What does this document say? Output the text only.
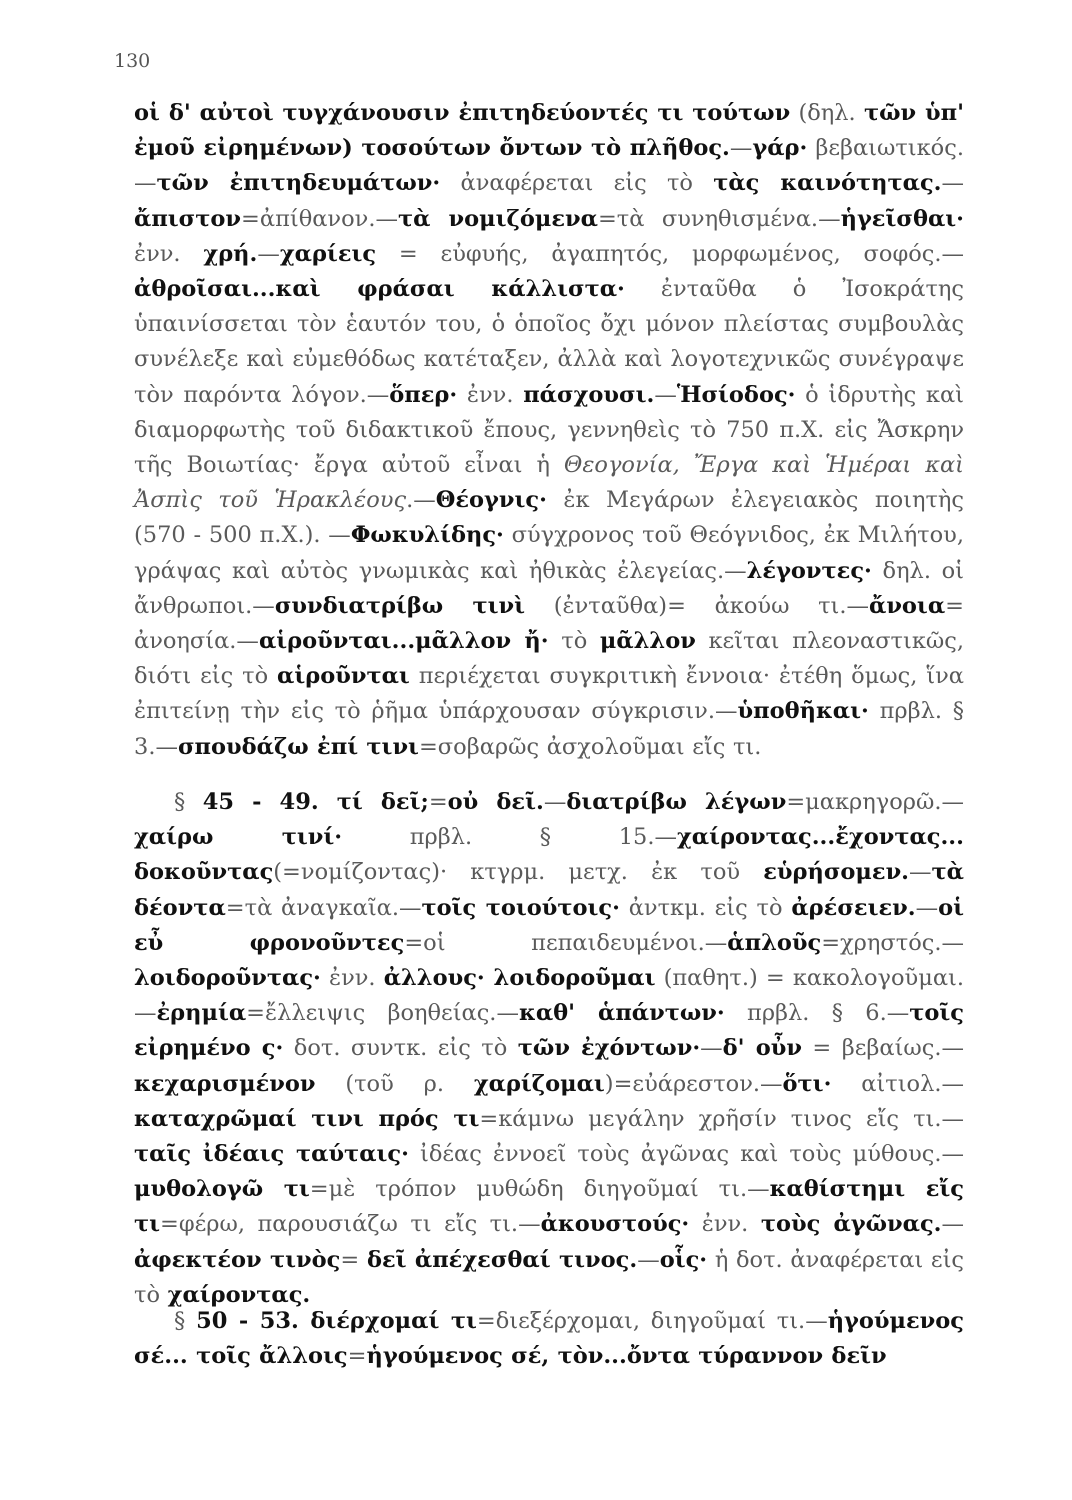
130
οἱ δ' αὐτοὶ τυγχάνουσιν ἐπιτηδεύοντές τι τούτων (δηλ. τῶν ὑπ' ἐμοῦ εἰρημένων) τοσούτων ὄντων τὸ πλῆθος.—γάρ· βεβαιωτικός.—τῶν ἐπιτηδευμάτων· ἀναφέρεται εἰς τὸ τὰς καινότητας.—ἄπιστον=ἀπίθανον.—τὰ νομιζόμενα=τὰ συνηθισμένα.—ἡγεῖσθαι· ἐνν. χρή.—χαρίεις = εὐφυής, ἀγαπητός, μορφωμένος, σοφός.—ἀθροῖσαι...καὶ φράσαι κάλλιστα· ἐνταῦθα ὁ Ἰσοκράτης ὑπαινίσσεται τὸν ἑαυτόν του, ὁ ὁποῖος ὄχι μόνον πλείστας συμβουλὰς συνέλεξε καὶ εὐμεθόδως κατέταξεν, ἀλλὰ καὶ λογοτεχνικῶς συνέγραψε τὸν παρόντα λόγον.—ὅπερ· ἐνν. πάσχουσι.—Ἡσίοδος· ὁ ἱδρυτὴς καὶ διαμορφωτὴς τοῦ διδακτικοῦ ἔπους, γεννηθεὶς τὸ 750 π.Χ. εἰς Ἄσκρην τῆς Βοιωτίας· ἔργα αὐτοῦ εἶναι ἡ Θεογονία, Ἔργα καὶ Ἡμέραι καὶ Ἀσπὶς τοῦ Ἡρακλέους.—Θέογνις· ἐκ Μεγάρων ἐλεγειακὸς ποιητὴς (570 - 500 π.Χ.). —Φωκυλίδης· σύγχρονος τοῦ Θεόγνιδος, ἐκ Μιλήτου, γράψας καὶ αὐτὸς γνωμικὰς καὶ ἠθικὰς ἐλεγείας.—λέγοντες· δηλ. οἱ ἄνθρωποι.—συνδιατρίβω τινὶ (ἐνταῦθα)= ἀκούω τι.—ἄνοια= ἀνοησία.—αἱροῦνται...μᾶλλον ἤ· τὸ μᾶλλον κεῖται πλεοναστικῶς, διότι εἰς τὸ αἱροῦνται περιέχεται συγκριτικὴ ἔννοια· ἐτέθη ὅμως, ἵνα ἐπιτείνῃ τὴν εἰς τὸ ῥῆμα ὑπάρχουσαν σύγκρισιν.—ὑποθῆκαι· πρβλ. § 3.—σπουδάζω ἐπί τινι=σοβαρῶς ἀσχολοῦμαι εἴς τι.
§ 45 - 49. τί δεῖ;=οὐ δεῖ.—διατρίβω λέγων=μακρηγορῶ.—χαίρω τινί· πρβλ. § 15.—χαίροντας...ἔχοντας... δοκοῦντας(=νομίζοντας)· κτγρμ. μετχ. ἐκ τοῦ εὑρήσομεν.—τὰ δέοντα=τὰ ἀναγκαῖα.—τοῖς τοιούτοις· ἀντκμ. εἰς τὸ ἀρέσειεν.—οἱ εὖ φρονοῦντες=οἱ πεπαιδευμένοι.—ἁπλοῦς=χρηστός.—λοιδοροῦντας· ἐνν. ἀλλους· λοιδοροῦμαι (παθητ.) = κακολογοῦμαι.—ἐρημία=ἔλλειψις βοηθείας.—καθ' ἁπάντων· πρβλ. § 6.—τοῖς εἰρημένο ς· δοτ. συντκ. εἰς τὸ τῶν ἐχόντων·—δ' οὖν = βεβαίως.—κεχαρισμένον (τοῦ ρ. χαρίζομαι)=εὐάρεστον.—ὅτι· αἰτιολ.—καταχρῶμαί τινι πρός τι=κάμνω μεγάλην χρῆσίν τινος εἴς τι.—ταῖς ἰδέαις ταύταις· ἰδέας ἐννοεῖ τοὺς ἀγῶνας καὶ τοὺς μύθους.—μυθολογῶ τι=μὲ τρόπον μυθώδη διηγοῦμαί τι.—καθίστημι εἴς τι=φέρω, παρουσιάζω τι εἴς τι.—ἀκουστούς· ἐνν. τοὺς ἀγῶνας.—ἀφεκτέον τινὸς= δεῖ ἀπέχεσθαί τινος.—οἷς· ἡ δοτ. ἀναφέρεται εἰς τὸ χαίροντας.
§ 50 - 53. διέρχομαί τι=διεξέρχομαι, διηγοῦμαί τι.—ἡγούμενος σέ... τοῖς ἄλλοις=ἡγούμενος σέ, τὸν...ὄντα τύραννον δεῖν
